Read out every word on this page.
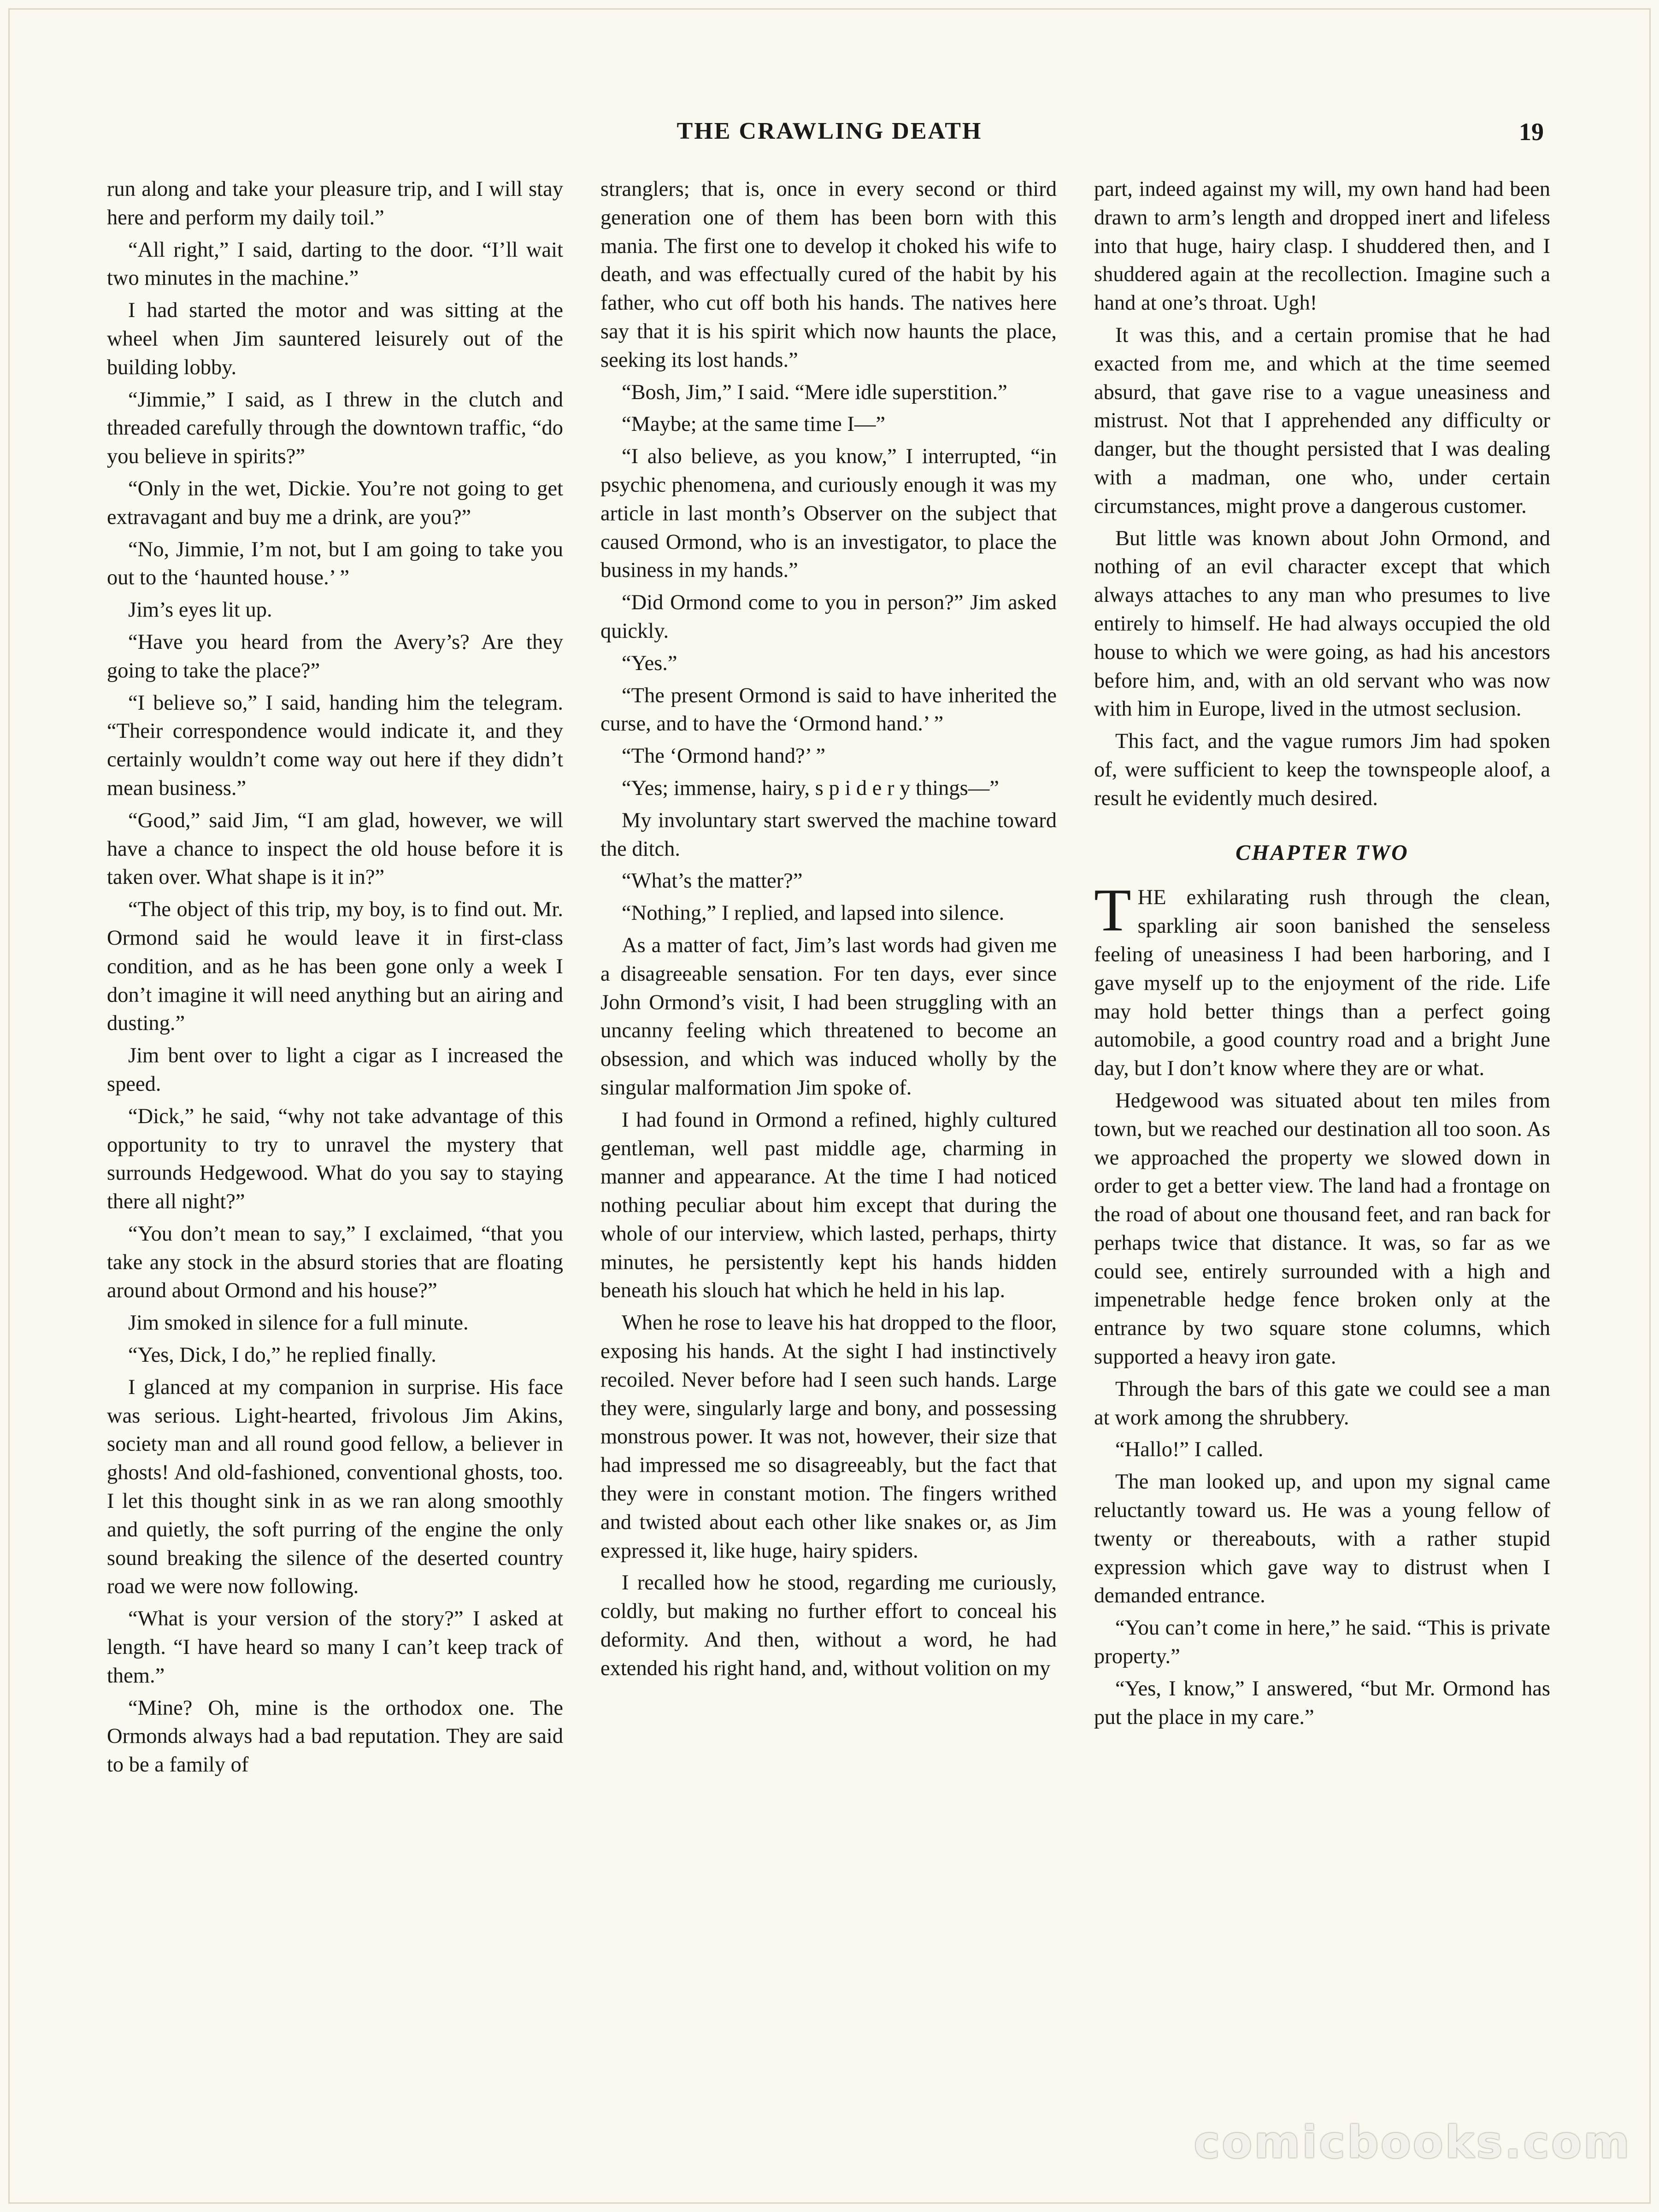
THE CRAWLING DEATH	19

run along and take your pleasure trip, and I will stay here and perform my daily toil.”

“All right,” I said, darting to the door. “I’ll wait two minutes in the machine.”

I had started the motor and was sitting at the wheel when Jim sauntered leisurely out of the building lobby.

“Jimmie,” I said, as I threw in the clutch and threaded carefully through the downtown traffic, “do you believe in spirits?”

“Only in the wet, Dickie. You’re not going to get extravagant and buy me a drink, are you?”

“No, Jimmie, I’m not, but I am going to take you out to the ‘haunted house.’ ”

Jim’s eyes lit up.

“Have you heard from the Avery’s? Are they going to take the place?”

“I believe so,” I said, handing him the telegram. “Their correspondence would indicate it, and they certainly wouldn’t come way out here if they didn’t mean business.”

“Good,” said Jim, “I am glad, however, we will have a chance to inspect the old house before it is taken over. What shape is it in?”

“The object of this trip, my boy, is to find out. Mr. Ormond said he would leave it in first-class condition, and as he has been gone only a week I don’t imagine it will need anything but an airing and dusting.”

Jim bent over to light a cigar as I increased the speed.

“Dick,” he said, “why not take advantage of this opportunity to try to unravel the mystery that surrounds Hedgewood. What do you say to staying there all night?”

“You don’t mean to say,” I exclaimed, “that you take any stock in the absurd stories that are floating around about Ormond and his house?”

Jim smoked in silence for a full minute.

“Yes, Dick, I do,” he replied finally.

I glanced at my companion in surprise. His face was serious. Light-hearted, frivolous Jim Akins, society man and all round good fellow, a believer in ghosts! And old-fashioned, conventional ghosts, too. I let this thought sink in as we ran along smoothly and quietly, the soft purring of the engine the only sound breaking the silence of the deserted country road we were now following.

“What is your version of the story?” I asked at length. “I have heard so many I can’t keep track of them.”

“Mine? Oh, mine is the orthodox one. The Ormonds always had a bad reputation. They are said to be a family of

stranglers; that is, once in every second or third generation one of them has been born with this mania. The first one to develop it choked his wife to death, and was effectually cured of the habit by his father, who cut off both his hands. The natives here say that it is his spirit which now haunts the place, seeking its lost hands.”

“Bosh, Jim,” I said. “Mere idle superstition.”

“Maybe; at the same time I—”

“I also believe, as you know,” I interrupted, “in psychic phenomena, and curiously enough it was my article in last month’s Observer on the subject that caused Ormond, who is an investigator, to place the business in my hands.”

“Did Ormond come to you in person?” Jim asked quickly.

“Yes.”

“The present Ormond is said to have inherited the curse, and to have the ‘Ormond hand.’ ”

“The ‘Ormond hand?’ ”

“Yes; immense, hairy, s p i d e r y things—”

My involuntary start swerved the machine toward the ditch.

“What’s the matter?”

“Nothing,” I replied, and lapsed into silence.

As a matter of fact, Jim’s last words had given me a disagreeable sensation. For ten days, ever since John Ormond’s visit, I had been struggling with an uncanny feeling which threatened to become an obsession, and which was induced wholly by the singular malformation Jim spoke of.

I had found in Ormond a refined, highly cultured gentleman, well past middle age, charming in manner and appearance. At the time I had noticed nothing peculiar about him except that during the whole of our interview, which lasted, perhaps, thirty minutes, he persistently kept his hands hidden beneath his slouch hat which he held in his lap.

When he rose to leave his hat dropped to the floor, exposing his hands. At the sight I had instinctively recoiled. Never before had I seen such hands. Large they were, singularly large and bony, and possessing monstrous power. It was not, however, their size that had impressed me so disagreeably, but the fact that they were in constant motion. The fingers writhed and twisted about each other like snakes or, as Jim expressed it, like huge, hairy spiders.

I recalled how he stood, regarding me curiously, coldly, but making no further effort to conceal his deformity. And then, without a word, he had extended his right hand, and, without volition on my

part, indeed against my will, my own hand had been drawn to arm’s length and dropped inert and lifeless into that huge, hairy clasp. I shuddered then, and I shuddered again at the recollection. Imagine such a hand at one’s throat. Ugh!

It was this, and a certain promise that he had exacted from me, and which at the time seemed absurd, that gave rise to a vague uneasiness and mistrust. Not that I apprehended any difficulty or danger, but the thought persisted that I was dealing with a madman, one who, under certain circumstances, might prove a dangerous customer.

But little was known about John Ormond, and nothing of an evil character except that which always attaches to any man who presumes to live entirely to himself. He had always occupied the old house to which we were going, as had his ancestors before him, and, with an old servant who was now with him in Europe, lived in the utmost seclusion.

This fact, and the vague rumors Jim had spoken of, were sufficient to keep the townspeople aloof, a result he evidently much desired.

CHAPTER TWO

THE exhilarating rush through the clean, sparkling air soon banished the senseless feeling of uneasiness I had been harboring, and I gave myself up to the enjoyment of the ride. Life may hold better things than a perfect going automobile, a good country road and a bright June day, but I don’t know where they are or what.

Hedgewood was situated about ten miles from town, but we reached our destination all too soon. As we approached the property we slowed down in order to get a better view. The land had a frontage on the road of about one thousand feet, and ran back for perhaps twice that distance. It was, so far as we could see, entirely surrounded with a high and impenetrable hedge fence broken only at the entrance by two square stone columns, which supported a heavy iron gate.

Through the bars of this gate we could see a man at work among the shrubbery.

“Hallo!” I called.

The man looked up, and upon my signal came reluctantly toward us. He was a young fellow of twenty or thereabouts, with a rather stupid expression which gave way to distrust when I demanded entrance.

“You can’t come in here,” he said. “This is private property.”

“Yes, I know,” I answered, “but Mr. Ormond has put the place in my care.”

comicbooks.com
